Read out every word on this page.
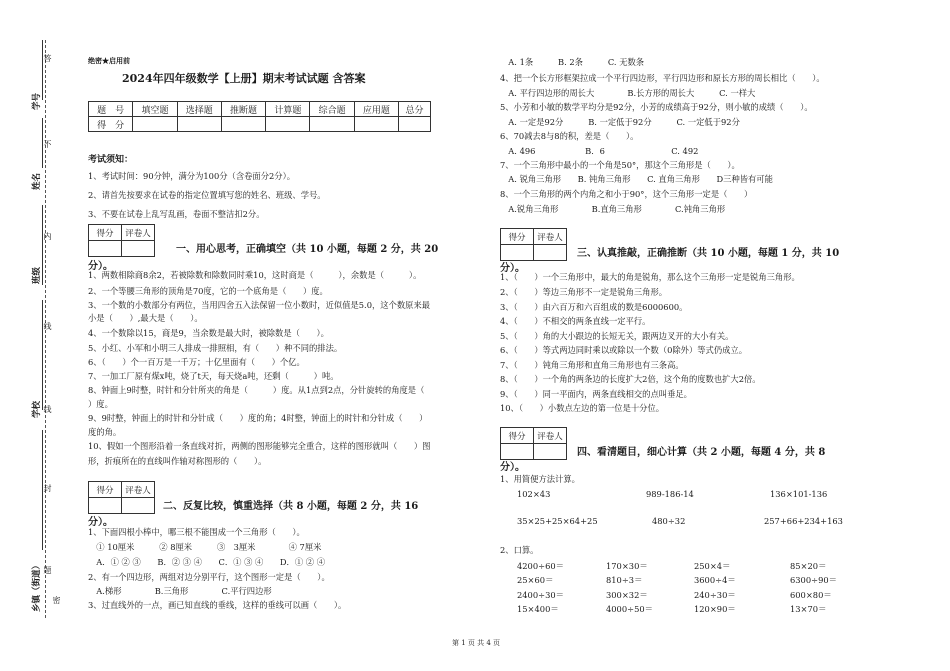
答
不
内
线
线
封
题
密
学号
姓名
班级
学校
乡镇（街道）
绝密★启用前
2024年四年级数学【上册】期末考试试题 含答案
题　号	填空题	选择题	推断题	计算题	综合题	应用题	总分
得　分							
考试须知：
1、考试时间：90分钟，满分为100分（含卷面分2分）。
2、请首先按要求在试卷的指定位置填写您的姓名、班级、学号。
3、不要在试卷上乱写乱画，卷面不整洁扣2分。
得分	评卷人

一、用心思考，正确填空（共 10 小题，每题 2 分，共 20
分）。
1、两数相除商8余2，若被除数和除数同时乘10，这时商是（　　　），余数是（　　　）。
2、一个等腰三角形的顶角是70度，它的一个底角是（　　）度。
3、一个数的小数部分有两位，当用四舍五入法保留一位小数时，近似值是5.0，这个数原来最
小是（　　）,最大是（　　）。
4、一个数除以15，商是9，当余数是最大时，被除数是（　　）。
5、小红、小军和小明三人排成一排照相，有（　　）种不同的排法。
6、（　　）个一百万是一千万；十亿里面有（　　）个亿。
7、一加工厂原有煤x吨，烧了t天，每天烧a吨，还剩（　　　）吨。
8、钟面上9时整，时针和分针所夹的角是（　　　）度。从1点到2点，分针旋转的角度是（
）度。
9、9时整，钟面上的时针和分针成（　　）度的角；4时整，钟面上的时针和分针成（　　）
度的角。
10、假如一个图形沿着一条直线对折，两侧的图形能够完全重合，这样的图形就叫（　　）图
形，折痕所在的直线叫作轴对称图形的（　　）。
得分	评卷人

二、反复比较，慎重选择（共 8 小题，每题 2 分，共 16
分）。
1、下面四根小棒中，哪三根不能围成一个三角形（　　）。
　① 10厘米　　　② 8厘米　　　③　3厘米　　　　④ 7厘米
　A．① ② ③　　B．② ③ ④　　C．① ③ ④　　D．① ② ④
2、有一个四边形，两组对边分别平行，这个图形一定是（　　）。
　A.梯形　　　　B.三角形　　　　C.平行四边形
3、过直线外的一点，画已知直线的垂线，这样的垂线可以画（　　）。
　A. 1条　　　B. 2条　　　C. 无数条
4、把一个长方形框架拉成一个平行四边形，平行四边形和原长方形的周长相比（　　）。
　A. 平行四边形的周长大　　　　B.长方形的周长大　　　C. 一样大
5、小芳和小敏的数学平均分是92分，小芳的成绩高于92分，则小敏的成绩（　　）。
　A. 一定是92分　　　B. 一定低于92分　　　C. 一定低于92分
6、70减去8与8的积，差是（　　）。
　A. 496　　　　　　B．6　　　　　　　　C. 492
7、一个三角形中最小的一个角是50°，那这个三角形是（　　）。
　A. 锐角三角形　　B. 钝角三角形　　C. 直角三角形　　D三种皆有可能
8、一个三角形的两个内角之和小于90°，这个三角形一定是（　　）
　A.锐角三角形　　　　B.直角三角形　　　　C.钝角三角形
得分	评卷人

三、认真推敲，正确推断（共 10 小题，每题 1 分，共 10
分）。
1、（　　）一个三角形中，最大的角是锐角，那么这个三角形一定是锐角三角形。
2、（　　）等边三角形不一定是锐角三角形。
3、（　　）由六百万和六百组成的数是6000600。
4、（　　）不相交的两条直线一定平行。
5、（　　）角的大小跟边的长短无关，跟两边叉开的大小有关。
6、（　　）等式两边同时乘以或除以一个数（0除外）等式仍成立。
7、（　　）钝角三角形和直角三角形也有三条高。
8、（　　）一个角的两条边的长度扩大2倍，这个角的度数也扩大2倍。
9、（　　）同一平面内，两条直线相交的点叫垂足。
10、（　　）小数点左边的第一位是十分位。
得分	评卷人

四、看清题目，细心计算（共 2 小题，每题 4 分，共 8
分）。
1、用简便方法计算。
102×43	989-186-14	136×101-136
35×25+25×64+25	480÷32	257+66+234+163
2、口算。
4200÷60＝	170×30＝	250×4＝	85×20＝
25×60＝	810÷3＝	3600÷4＝	6300÷90＝
2400÷30＝	300×32＝	240÷30＝	600×80＝
15×400＝	4000÷50＝	120×90＝	13×70＝
第 1 页 共 4 页
